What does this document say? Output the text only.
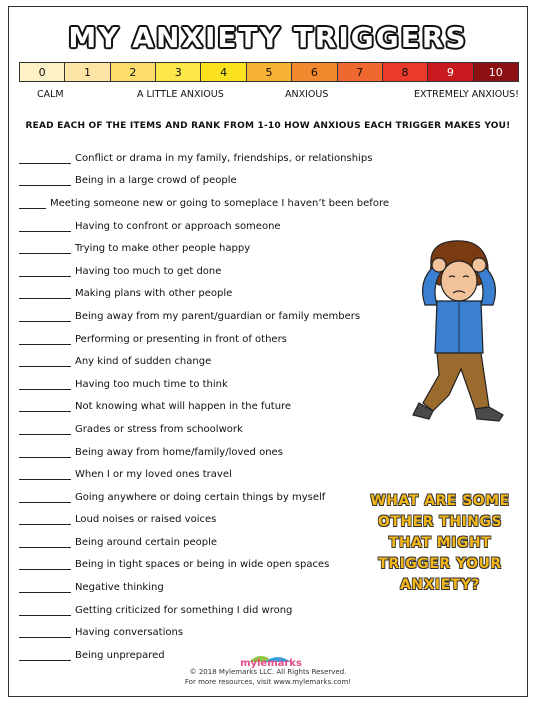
MY ANXIETY TRIGGERS
0	1	2	3	4	5	6	7	8	9	10
CALM	A LITTLE ANXIOUS	ANXIOUS	EXTREMELY ANXIOUS!
READ EACH OF THE ITEMS AND RANK FROM 1-10 HOW ANXIOUS EACH TRIGGER MAKES YOU!
Conflict or drama in my family, friendships, or relationships
Being in a large crowd of people
Meeting someone new or going to someplace I haven’t been before
Having to confront or approach someone
Trying to make other people happy
Having too much to get done
Making plans with other people
Being away from my parent/guardian or family members
Performing or presenting in front of others
Any kind of sudden change
Having too much time to think
Not knowing what will happen in the future
Grades or stress from schoolwork
Being away from home/family/loved ones
When I or my loved ones travel
Going anywhere or doing certain things by myself
Loud noises or raised voices
Being around certain people
Being in tight spaces or being in wide open spaces
Negative thinking
Getting criticized for something I did wrong
Having conversations
Being unprepared
WHAT ARE SOME
OTHER THINGS
THAT MIGHT
TRIGGER YOUR
ANXIETY?
mylemarks
© 2018 Mylemarks LLC. All Rights Reserved.
For more resources, visit www.mylemarks.com!
